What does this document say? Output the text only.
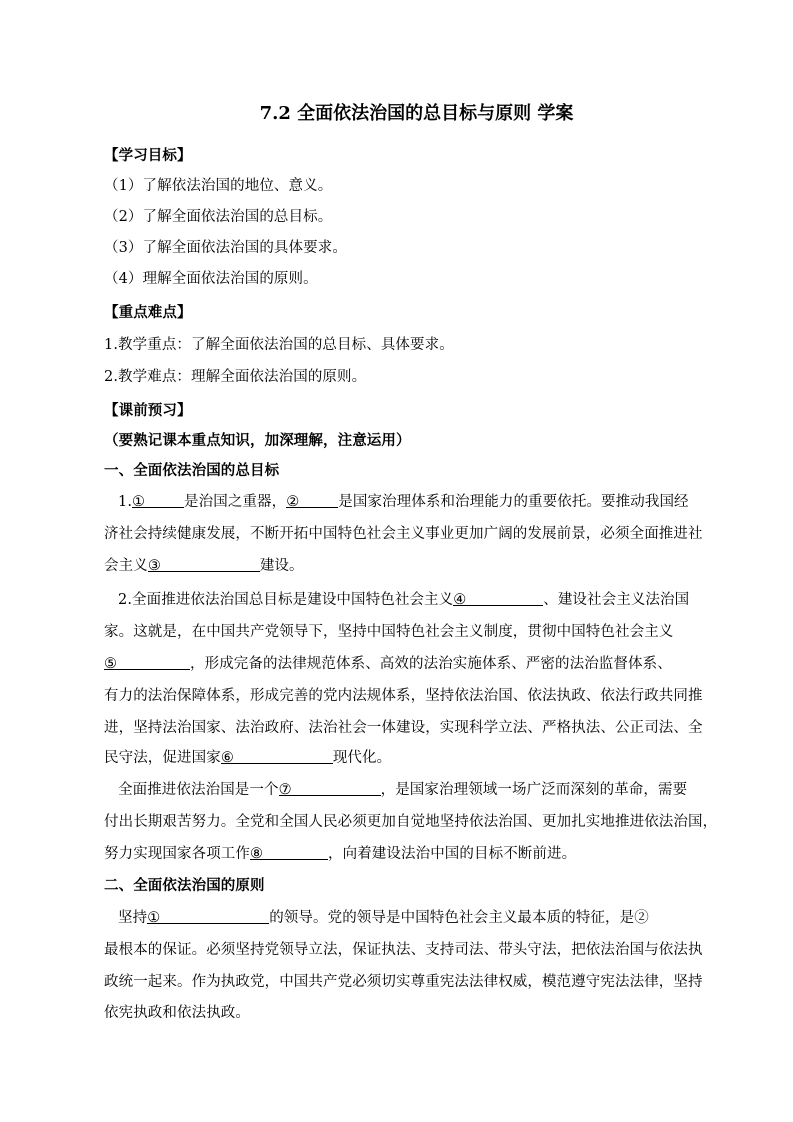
7.2 全面依法治国的总目标与原则 学案
【学习目标】
（1）了解依法治国的地位、意义。
（2）了解全面依法治国的总目标。
（3）了解全面依法治国的具体要求。
（4）理解全面依法治国的原则。
【重点难点】
1.教学重点：了解全面依法治国的总目标、具体要求。
2.教学难点：理解全面依法治国的原则。
【课前预习】
（要熟记课本重点知识，加深理解，注意运用）
一、全面依法治国的总目标
1.①	是治国之重器，②	是国家治理体系和治理能力的重要依托。要推动我国经
济社会持续健康发展，不断开拓中国特色社会主义事业更加广阔的发展前景，必须全面推进社
会主义③	建设。
2.全面推进依法治国总目标是建设中国特色社会主义④	、建设社会主义法治国
家。这就是，在中国共产党领导下，坚持中国特色社会主义制度，贯彻中国特色社会主义
⑤	，形成完备的法律规范体系、高效的法治实施体系、严密的法治监督体系、
有力的法治保障体系，形成完善的党内法规体系，坚持依法治国、依法执政、依法行政共同推
进，坚持法治国家、法治政府、法治社会一体建设，实现科学立法、严格执法、公正司法、全
民守法，促进国家⑥	现代化。
全面推进依法治国是一个⑦	，是国家治理领域一场广泛而深刻的革命，需要
付出长期艰苦努力。全党和全国人民必须更加自觉地坚持依法治国、更加扎实地推进依法治国，
努力实现国家各项工作⑧	，向着建设法治中国的目标不断前进。
二、全面依法治国的原则
坚持①	的领导。党的领导是中国特色社会主义最本质的特征，是②
最根本的保证。必须坚持党领导立法，保证执法、支持司法、带头守法，把依法治国与依法执
政统一起来。作为执政党，中国共产党必须切实尊重宪法法律权威，模范遵守宪法法律，坚持
依宪执政和依法执政。
